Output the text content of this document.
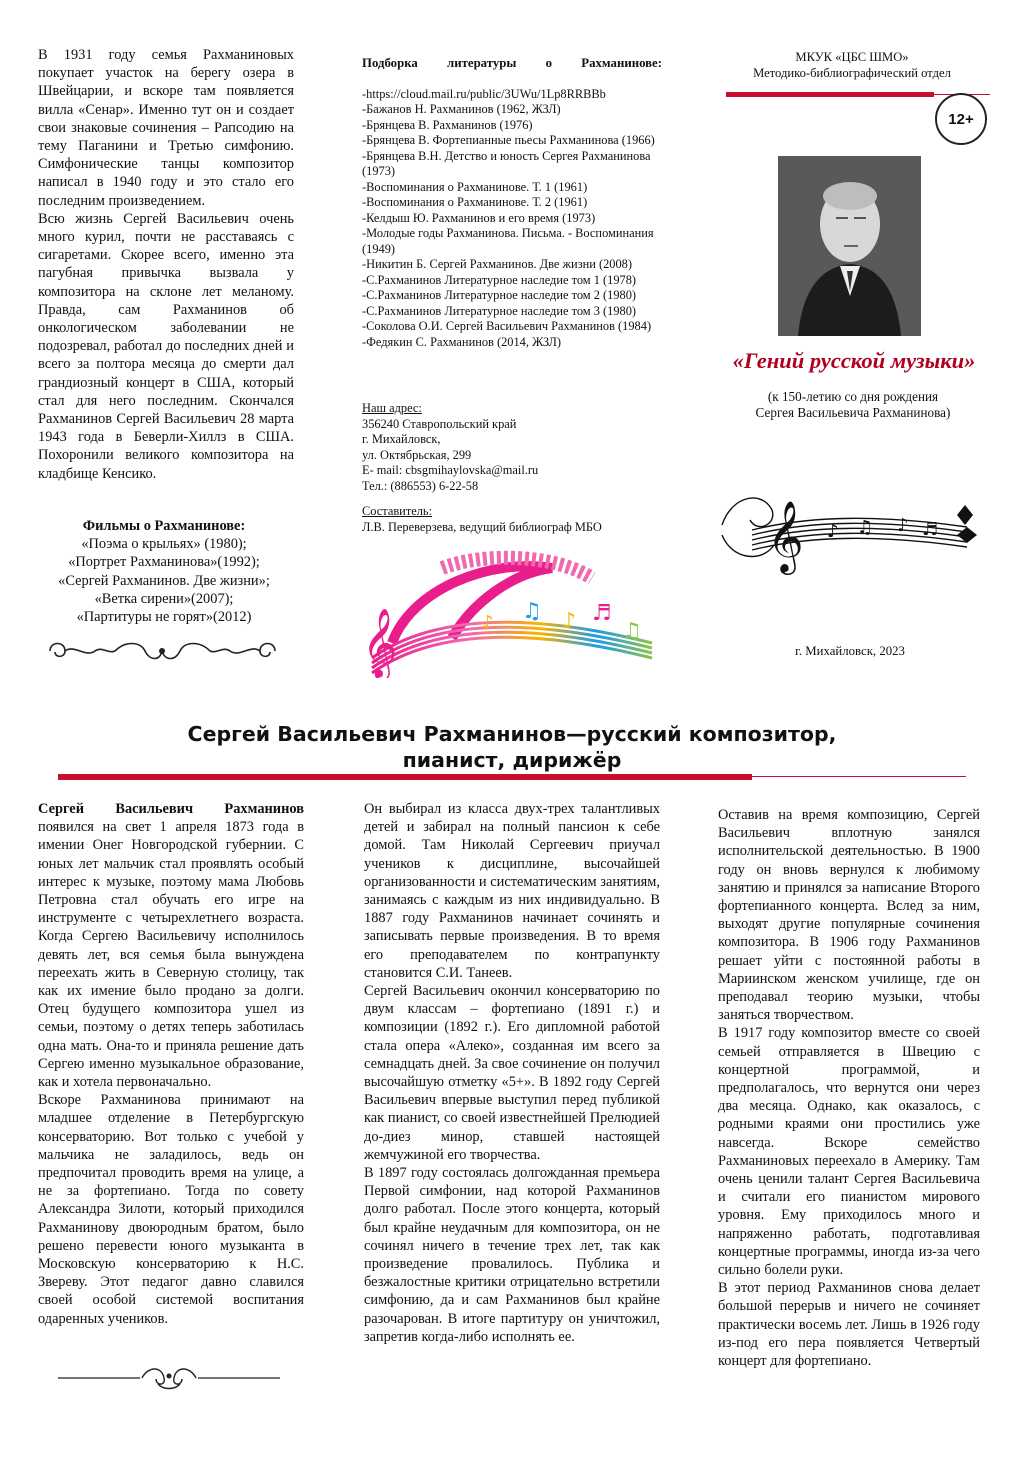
В 1931 году семья Рахманиновых покупает участок на берегу озера в Швейцарии, и вскоре там появляется вилла «Сенар». Именно тут он и создает свои знаковые сочинения – Рапсодию на тему Паганини и Третью симфонию. Симфонические танцы композитор написал в 1940 году и это стало его последним произведением.

Всю жизнь Сергей Васильевич очень много курил, почти не расставаясь с сигаретами. Скорее всего, именно эта пагубная привычка вызвала у композитора на склоне лет меланому. Правда, сам Рахманинов об онкологическом заболевании не подозревал, работал до последних дней и всего за полтора месяца до смерти дал грандиозный концерт в США, который стал для него последним. Скончался Рахманинов Сергей Васильевич 28 марта 1943 года в Беверли-Хиллз в США. Похоронили великого композитора на кладбище Кенсико.

Фильмы о Рахманинове:
«Поэма о крыльях» (1980);
«Портрет Рахманинова»(1992);
«Сергей Рахманинов. Две жизни»;
«Ветка сирени»(2007);
«Партитуры не горят»(2012)
Подборка литературы о Рахманинове:
-https://cloud.mail.ru/public/3UWu/1Lp8RRBBb
-Бажанов Н. Рахманинов (1962, ЖЗЛ)
-Брянцева В. Рахманинов (1976)
-Брянцева В. Фортепианные пьесы Рахманинова (1966)
-Брянцева В.Н. Детство и юность Сергея Рахманинова (1973)
-Воспоминания о Рахманинове. Т. 1 (1961)
-Воспоминания о Рахманинове. Т. 2 (1961)
-Келдыш Ю. Рахманинов и его время (1973)
-Молодые годы Рахманинова. Письма. - Воспоминания (1949)
-Никитин Б. Сергей Рахманинов. Две жизни (2008)
-С.Рахманинов Литературное наследие том 1 (1978)
-С.Рахманинов Литературное наследие том 2 (1980)
-С.Рахманинов Литературное наследие том 3 (1980)
-Соколова О.И. Сергей Васильевич Рахманинов (1984)
-Федякин С. Рахманинов (2014, ЖЗЛ)
Наш адрес:
356240 Ставропольский край
г. Михайловск,
ул. Октябрьская, 299
E- mail: cbsgmihaylovska@mail.ru
Тел.: (886553) 6-22-58
Составитель:
Л.В. Переверзева, ведущий библиограф МБО
𝄞	♫ ♪ ♬
♫
♪
МКУК «ЦБС ШМО»
Методико-библиографический отдел
12+
«Гений русской музыки»
(к 150-летию со дня рождения
Сергея Васильевича Рахманинова)
𝄞 ♪ ♫ ♪ ♬
г. Михайловск, 2023
Сергей Васильевич Рахманинов—русский композитор,
пианист, дирижёр

Сергей Васильевич Рахманинов появился на свет 1 апреля 1873 года в имении Онег Новгородской губернии. С юных лет мальчик стал проявлять особый интерес к музыке, поэтому мама Любовь Петровна стал обучать его игре на инструменте с четырехлетнего возраста. Когда Сергею Васильевичу исполнилось девять лет, вся семья была вынуждена переехать жить в Северную столицу, так как их имение было продано за долги. Отец будущего композитора ушел из семьи, поэтому о детях теперь заботилась одна мать. Она-то и приняла решение дать Сергею именно музыкальное образование, как и хотела первоначально.

Вскоре Рахманинова принимают на младшее отделение в Петербургскую консерваторию. Вот только с учебой у мальчика не заладилось, ведь он предпочитал проводить время на улице, а не за фортепиано. Тогда по совету Александра Зилоти, который приходился Рахманинову двоюродным братом, было решено перевести юного музыканта в Московскую консерваторию к Н.С. Звереву. Этот педагог давно славился своей особой системой воспитания одаренных учеников.

Он выбирал из класса двух-трех талантливых детей и забирал на полный пансион к себе домой. Там Николай Сергеевич приучал учеников к дисциплине, высочайшей организованности и систематическим занятиям, занимаясь с каждым из них индивидуально. В 1887 году Рахманинов начинает сочинять и записывать первые произведения. В то время его преподавателем по контрапункту становится С.И. Танеев.

Сергей Васильевич окончил консерваторию по двум классам – фортепиано (1891 г.) и композиции (1892 г.). Его дипломной работой стала опера «Алеко», созданная им всего за семнадцать дней. За свое сочинение он получил высочайшую отметку «5+». В 1892 году Сергей Васильевич впервые выступил перед публикой как пианист, со своей известнейшей Прелюдией до-диез минор, ставшей настоящей жемчужиной его творчества.

В 1897 году состоялась долгожданная премьера Первой симфонии, над которой Рахманинов долго работал. После этого концерта, который был крайне неудачным для композитора, он не сочинял ничего в течение трех лет, так как произведение провалилось. Публика и безжалостные критики отрицательно встретили симфонию, да и сам Рахманинов был крайне разочарован. В итоге партитуру он уничтожил, запретив когда-либо исполнять ее.

Оставив на время композицию, Сергей Васильевич вплотную занялся исполнительской деятельностью. В 1900 году он вновь вернулся к любимому занятию и принялся за написание Второго фортепианного концерта. Вслед за ним, выходят другие популярные сочинения композитора. В 1906 году Рахманинов решает уйти с постоянной работы в Мариинском женском училище, где он преподавал теорию музыки, чтобы заняться творчеством.

В 1917 году композитор вместе со своей семьей отправляется в Швецию с концертной программой, и предполагалось, что вернутся они через два месяца. Однако, как оказалось, с родными краями они простились уже навсегда. Вскоре семейство Рахманиновых переехало в Америку. Там очень ценили талант Сергея Васильевича и считали его пианистом мирового уровня. Ему приходилось много и напряженно работать, подготавливая концертные программы, иногда из-за чего сильно болели руки.

В этот период Рахманинов снова делает большой перерыв и ничего не сочиняет практически восемь лет. Лишь в 1926 году из-под его пера появляется Четвертый концерт для фортепиано.
